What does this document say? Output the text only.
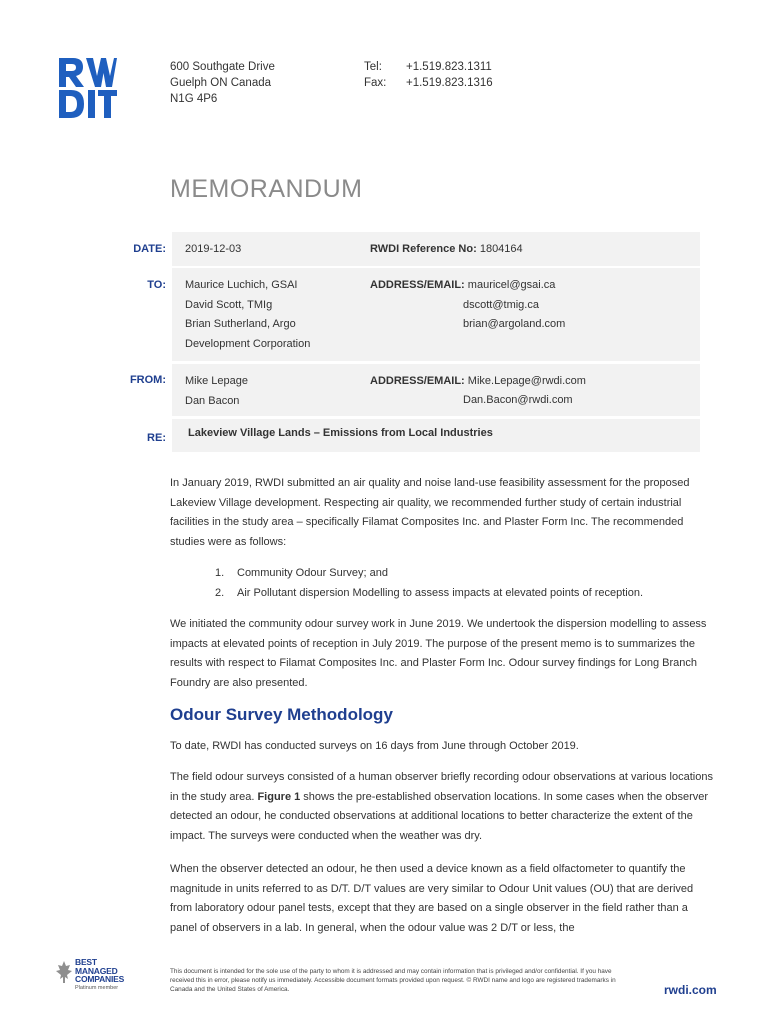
600 Southgate Drive
Guelph ON Canada
N1G 4P6
Tel: +1.519.823.1311
Fax: +1.519.823.1316
MEMORANDUM
DATE: 2019-12-03	RWDI Reference No: 1804164
TO: Maurice Luchich, GSAI
David Scott, TMIg
Brian Sutherland, Argo
Development Corporation
ADDRESS/EMAIL: mauricel@gsai.ca
dscott@tmig.ca
brian@argoland.com
FROM: Mike Lepage
Dan Bacon
ADDRESS/EMAIL: Mike.Lepage@rwdi.com
Dan.Bacon@rwdi.com
RE: Lakeview Village Lands – Emissions from Local Industries
In January 2019, RWDI submitted an air quality and noise land-use feasibility assessment for the proposed Lakeview Village development. Respecting air quality, we recommended further study of certain industrial facilities in the study area – specifically Filamat Composites Inc. and Plaster Form Inc. The recommended studies were as follows:
1. Community Odour Survey; and
2. Air Pollutant dispersion Modelling to assess impacts at elevated points of reception.
We initiated the community odour survey work in June 2019. We undertook the dispersion modelling to assess impacts at elevated points of reception in July 2019. The purpose of the present memo is to summarizes the results with respect to Filamat Composites Inc. and Plaster Form Inc. Odour survey findings for Long Branch Foundry are also presented.
Odour Survey Methodology
To date, RWDI has conducted surveys on 16 days from June through October 2019.
The field odour surveys consisted of a human observer briefly recording odour observations at various locations in the study area. Figure 1 shows the pre-established observation locations. In some cases when the observer detected an odour, he conducted observations at additional locations to better characterize the extent of the impact. The surveys were conducted when the weather was dry.
When the observer detected an odour, he then used a device known as a field olfactometer to quantify the magnitude in units referred to as D/T. D/T values are very similar to Odour Unit values (OU) that are derived from laboratory odour panel tests, except that they are based on a single observer in the field rather than a panel of observers in a lab. In general, when the odour value was 2 D/T or less, the
BEST
MANAGED
COMPANIES
Platinum member
This document is intended for the sole use of the party to whom it is addressed and may contain information that is privileged and/or confidential. If you have received this in error, please notify us immediately. Accessible document formats provided upon request. © RWDI name and logo are registered trademarks in Canada and the United States of America.	rwdi.com
